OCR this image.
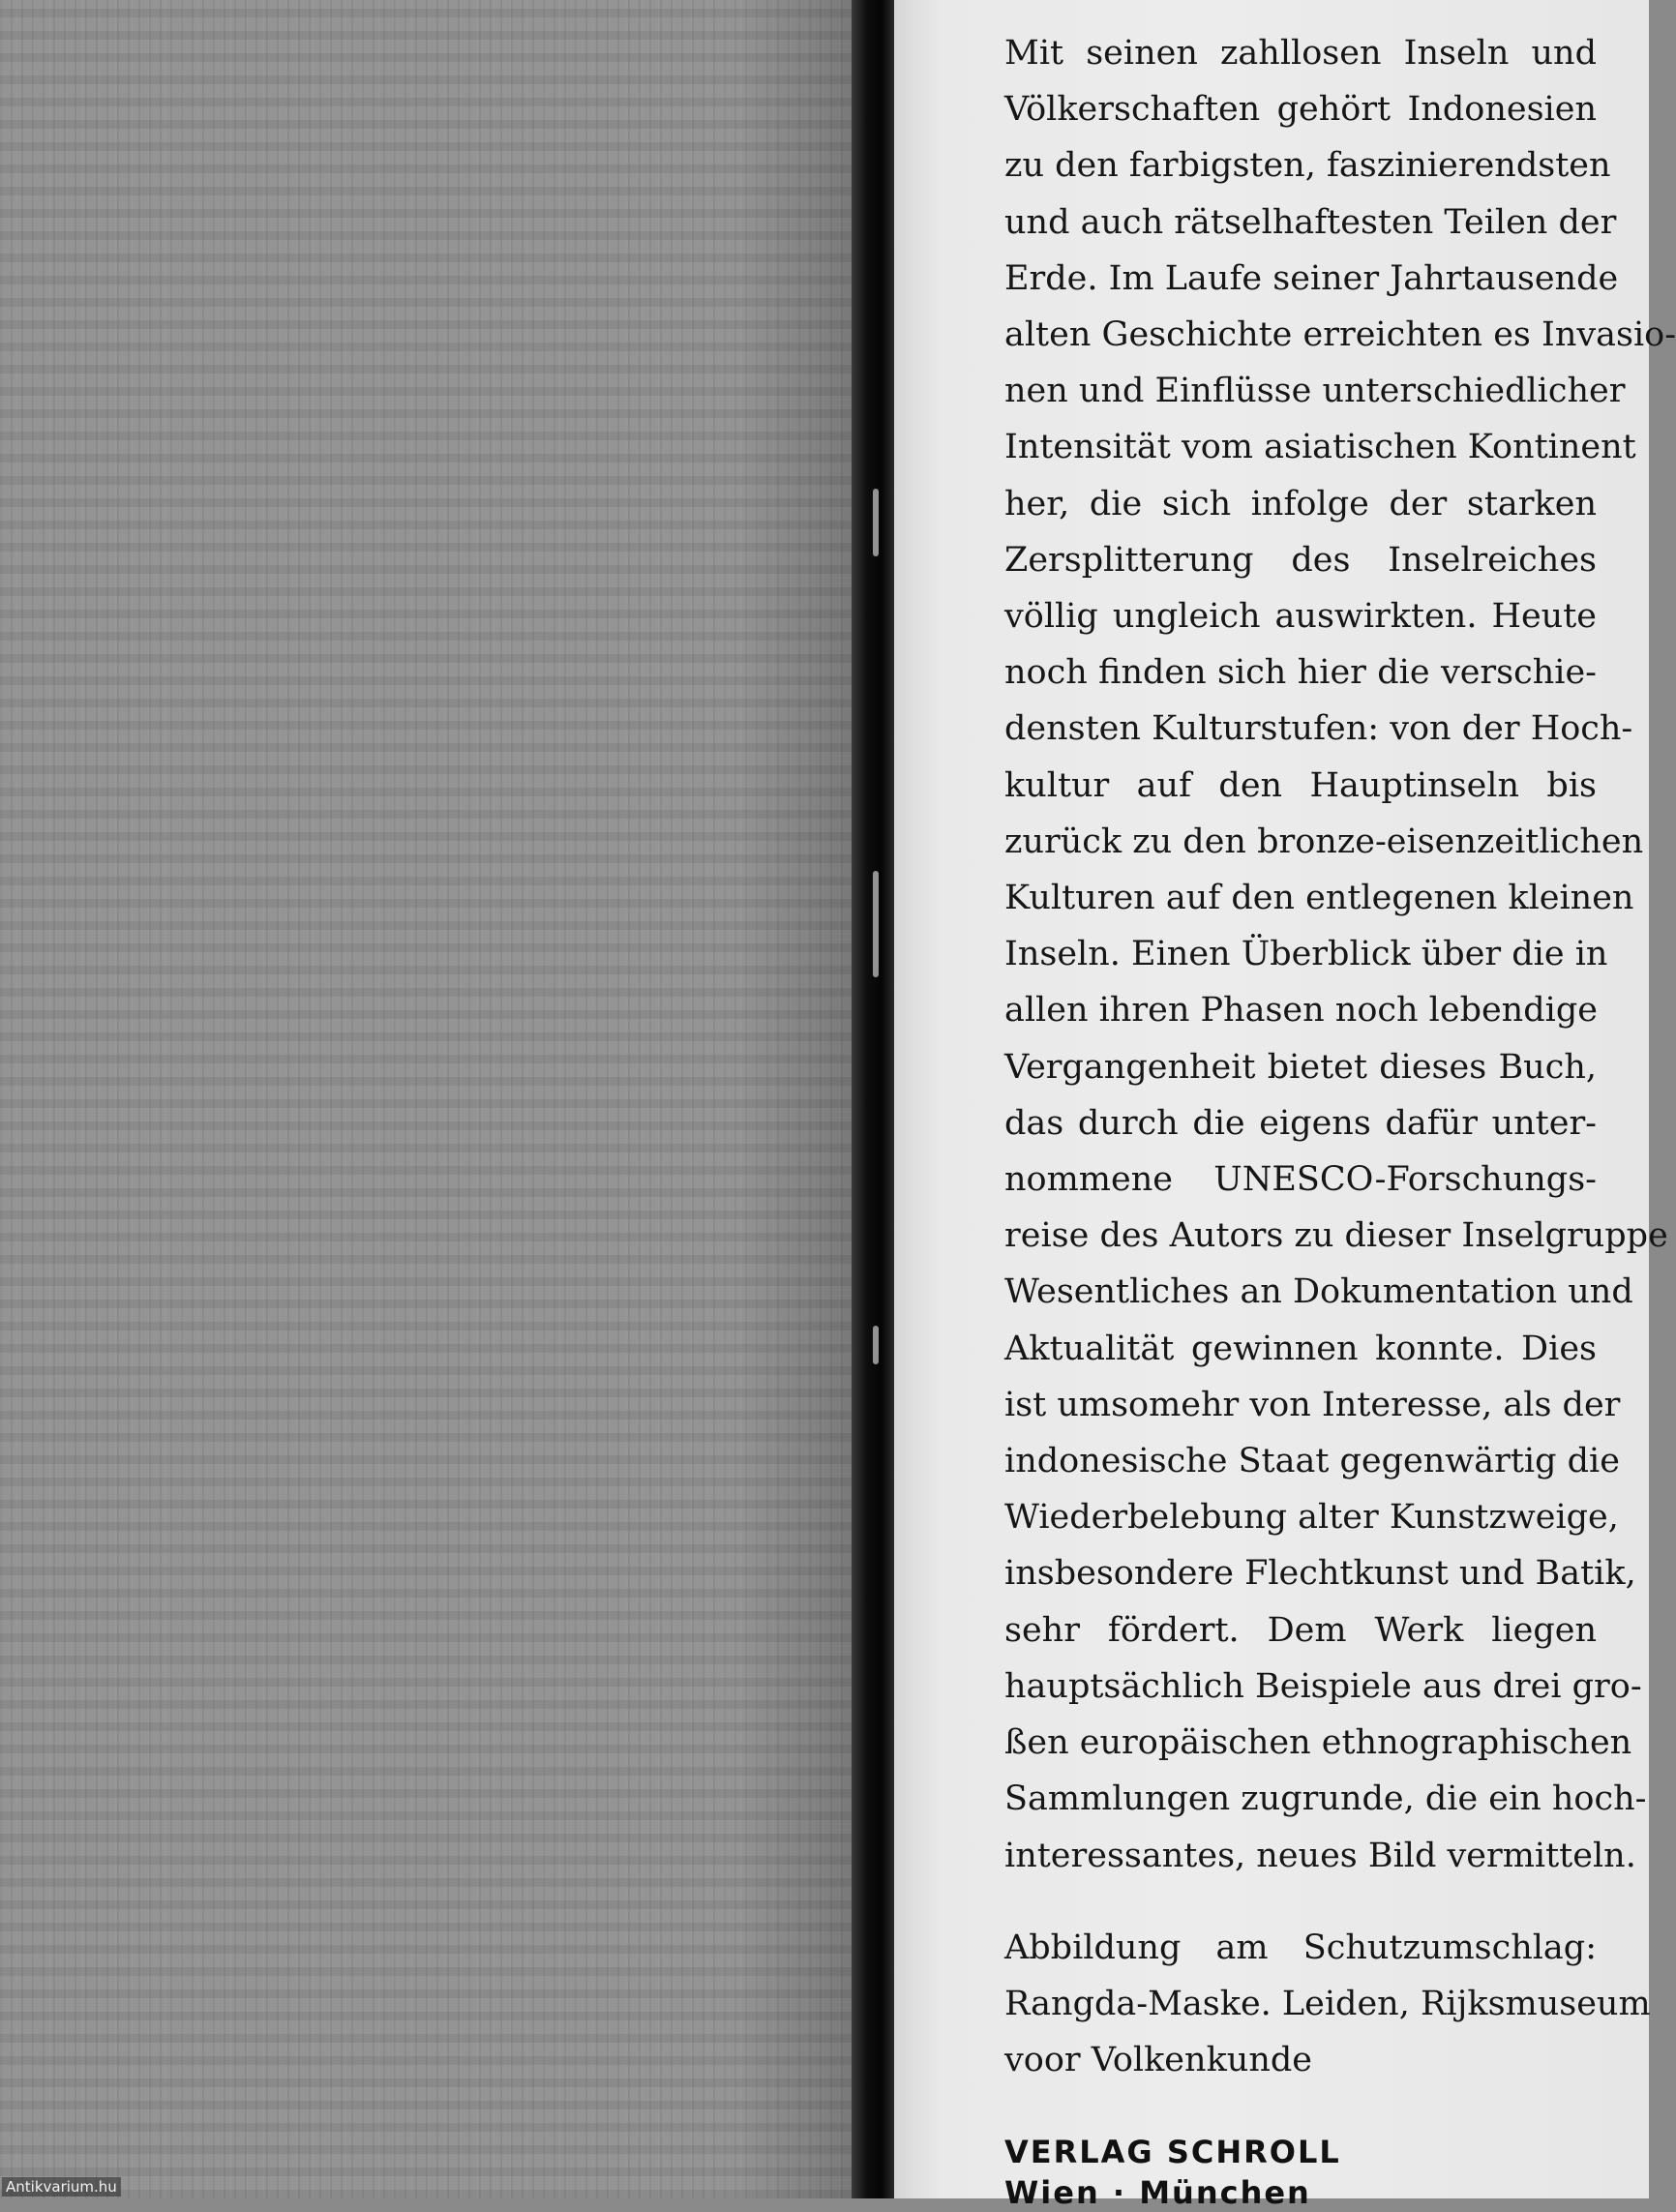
Mit seinen zahllosen Inseln und
Völkerschaften gehört Indonesien
zu den farbigsten, faszinierendsten
und auch rätselhaftesten Teilen der
Erde. Im Laufe seiner Jahrtausende
alten Geschichte erreichten es Invasio-
nen und Einflüsse unterschiedlicher
Intensität vom asiatischen Kontinent
her, die sich infolge der starken
Zersplitterung des Inselreiches
völlig ungleich auswirkten. Heute
noch finden sich hier die verschie-
densten Kulturstufen: von der Hoch-
kultur auf den Hauptinseln bis
zurück zu den bronze-eisenzeitlichen
Kulturen auf den entlegenen kleinen
Inseln. Einen Überblick über die in
allen ihren Phasen noch lebendige
Vergangenheit bietet dieses Buch,
das durch die eigens dafür unter-
nommene UNESCO-Forschungs-
reise des Autors zu dieser Inselgruppe
Wesentliches an Dokumentation und
Aktualität gewinnen konnte. Dies
ist umsomehr von Interesse, als der
indonesische Staat gegenwärtig die
Wiederbelebung alter Kunstzweige,
insbesondere Flechtkunst und Batik,
sehr fördert. Dem Werk liegen
hauptsächlich Beispiele aus drei gro-
ßen europäischen ethnographischen
Sammlungen zugrunde, die ein hoch-
interessantes, neues Bild vermitteln.
Abbildung am Schutzumschlag:
Rangda-Maske. Leiden, Rijksmuseum
voor Volkenkunde
VERLAG SCHROLL
Wien · München
Antikvarium.hu
